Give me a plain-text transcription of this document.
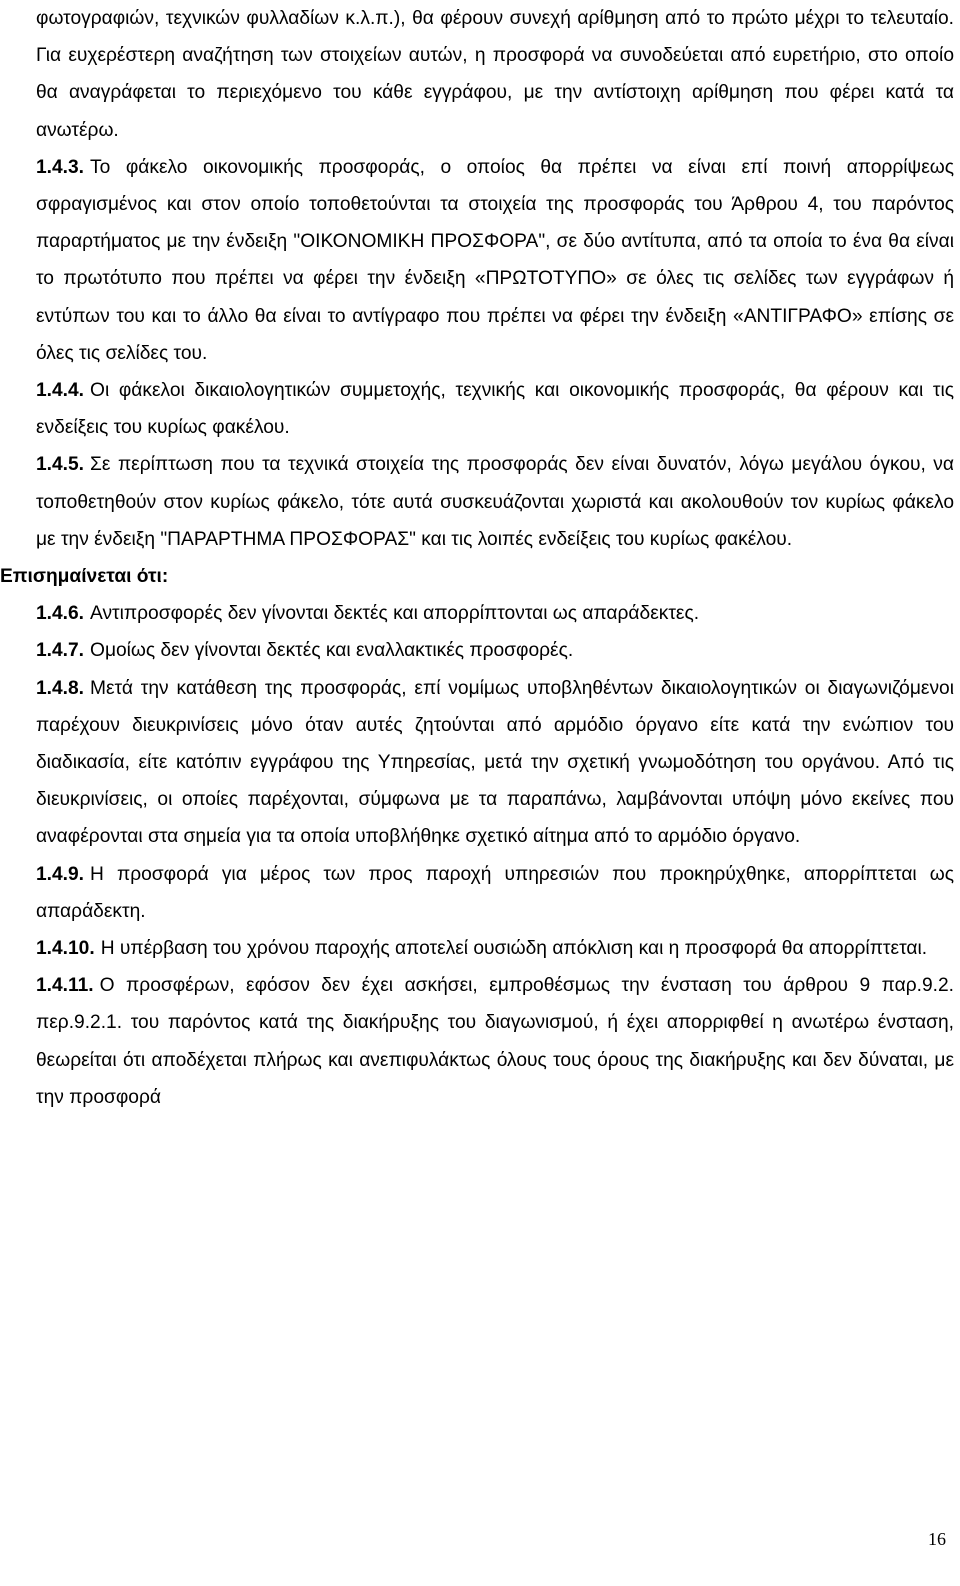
φωτογραφιών, τεχνικών φυλλαδίων κ.λ.π.), θα φέρουν συνεχή αρίθμηση από το πρώτο μέχρι το τελευταίο. Για ευχερέστερη αναζήτηση των στοιχείων αυτών, η προσφορά να συνοδεύεται από ευρετήριο, στο οποίο θα αναγράφεται το περιεχόμενο του κάθε εγγράφου, με την αντίστοιχη αρίθμηση που φέρει κατά τα ανωτέρω.

1.4.3. Το φάκελο οικονομικής προσφοράς, ο οποίος θα πρέπει να είναι επί ποινή απορρίψεως σφραγισμένος και στον οποίο τοποθετούνται τα στοιχεία της προσφοράς του Άρθρου 4, του παρόντος παραρτήματος με την ένδειξη "ΟΙΚΟΝΟΜΙΚΗ ΠΡΟΣΦΟΡΑ", σε δύο αντίτυπα, από τα οποία το ένα θα είναι το πρωτότυπο που πρέπει να φέρει την ένδειξη «ΠΡΩΤΟΤΥΠΟ» σε όλες τις σελίδες των εγγράφων ή εντύπων του και το άλλο θα είναι το αντίγραφο που πρέπει να φέρει την ένδειξη «ΑΝΤΙΓΡΑΦΟ» επίσης σε όλες τις σελίδες του.

1.4.4. Οι φάκελοι δικαιολογητικών συμμετοχής, τεχνικής και οικονομικής προσφοράς, θα φέρουν και τις ενδείξεις του κυρίως φακέλου.

1.4.5. Σε περίπτωση που τα τεχνικά στοιχεία της προσφοράς δεν είναι δυνατόν, λόγω μεγάλου όγκου, να τοποθετηθούν στον κυρίως φάκελο, τότε αυτά συσκευάζονται χωριστά και ακολουθούν τον κυρίως φάκελο με την ένδειξη "ΠΑΡΑΡΤΗΜΑ ΠΡΟΣΦΟΡΑΣ" και τις λοιπές ενδείξεις του κυρίως φακέλου.

Επισημαίνεται ότι:

1.4.6. Αντιπροσφορές δεν γίνονται δεκτές και απορρίπτονται ως απαράδεκτες.

1.4.7. Ομοίως δεν γίνονται δεκτές και εναλλακτικές προσφορές.

1.4.8. Μετά την κατάθεση της προσφοράς, επί νομίμως υποβληθέντων δικαιολογητικών οι διαγωνιζόμενοι παρέχουν διευκρινίσεις μόνο όταν αυτές ζητούνται από αρμόδιο όργανο είτε κατά την ενώπιον του διαδικασία, είτε κατόπιν εγγράφου της Υπηρεσίας, μετά την σχετική γνωμοδότηση του οργάνου. Από τις διευκρινίσεις, οι οποίες παρέχονται, σύμφωνα με τα παραπάνω, λαμβάνονται υπόψη μόνο εκείνες που αναφέρονται στα σημεία για τα οποία υποβλήθηκε σχετικό αίτημα από το αρμόδιο όργανο.

1.4.9. Η προσφορά για μέρος των προς παροχή υπηρεσιών που προκηρύχθηκε, απορρίπτεται ως απαράδεκτη.

1.4.10. Η υπέρβαση του χρόνου παροχής αποτελεί ουσιώδη απόκλιση και η προσφορά θα απορρίπτεται.

1.4.11. Ο προσφέρων, εφόσον δεν έχει ασκήσει, εμπροθέσμως την ένσταση του άρθρου 9 παρ.9.2. περ.9.2.1. του παρόντος κατά της διακήρυξης του διαγωνισμού, ή έχει απορριφθεί η ανωτέρω ένσταση, θεωρείται ότι αποδέχεται πλήρως και ανεπιφυλάκτως όλους τους όρους της διακήρυξης και δεν δύναται, με την προσφορά

16
